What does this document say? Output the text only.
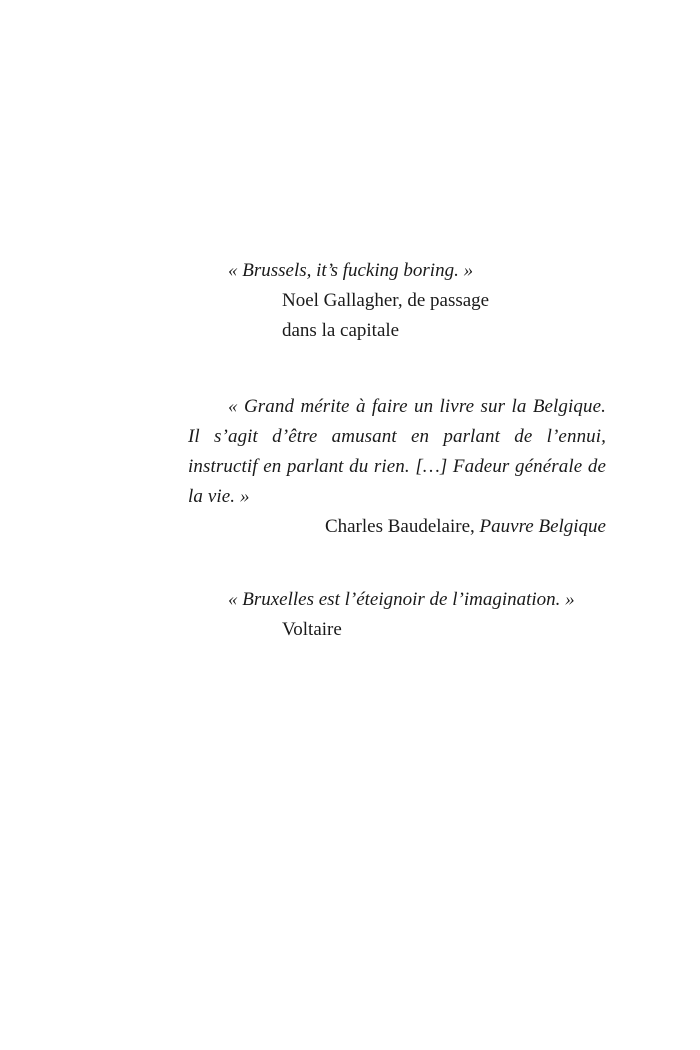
« Brussels, it’s fucking boring. »

Noel Gallagher, de passage
dans la capitale

« Grand mérite à faire un livre sur la Belgique. Il s’agit d’être amusant en parlant de l’ennui, instructif en parlant du rien. […] Fadeur générale de la vie. »

Charles Baudelaire, Pauvre Belgique

« Bruxelles est l’éteignoir de l’imagination. »

Voltaire
